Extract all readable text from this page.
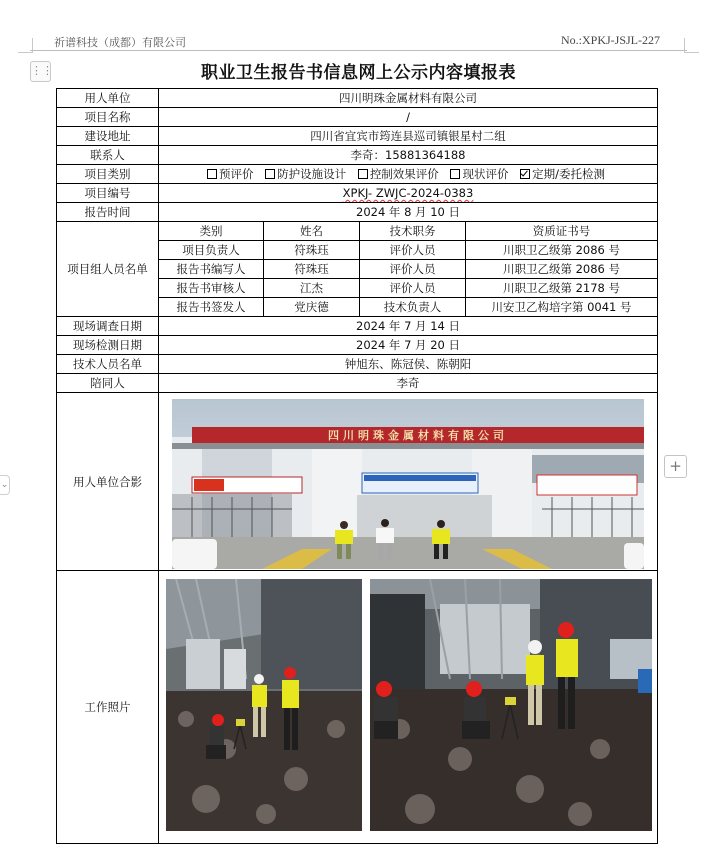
祈谱科技（成都）有限公司	No.:XPKJ-JSJL-227
⋮⋮
+
⌄
职业卫生报告书信息网上公示内容填报表
用人单位	四川明珠金属材料有限公司			
项目名称	/			
建设地址	四川省宜宾市筠连县巡司镇银星村二组			
联系人	李奇：15881364188			
项目类别	预评价 防护设施设计 控制效果评价 现状评价 定期/委托检测			
项目编号	XPKJ- ZWJC-2024-0383			
报告时间	2024 年 8 月 10 日			
项目组人员名单	类别	姓名	技术职务	资质证书号
	项目负责人	符珠珏	评价人员	川职卫乙级第 2086 号
	报告书编写人	符珠珏	评价人员	川职卫乙级第 2086 号
	报告书审核人	江杰	评价人员	川职卫乙级第 2178 号
	报告书签发人	党庆德	技术负责人	川安卫乙构培字第 0041 号
现场调查日期	2024 年 7 月 14 日			
现场检测日期	2024 年 7 月 20 日			
技术人员名单	钟旭东、陈冠侯、陈朝阳			
陪同人	李奇			
用人单位合影	四川明珠金属材料有限公司			

工作照片	
